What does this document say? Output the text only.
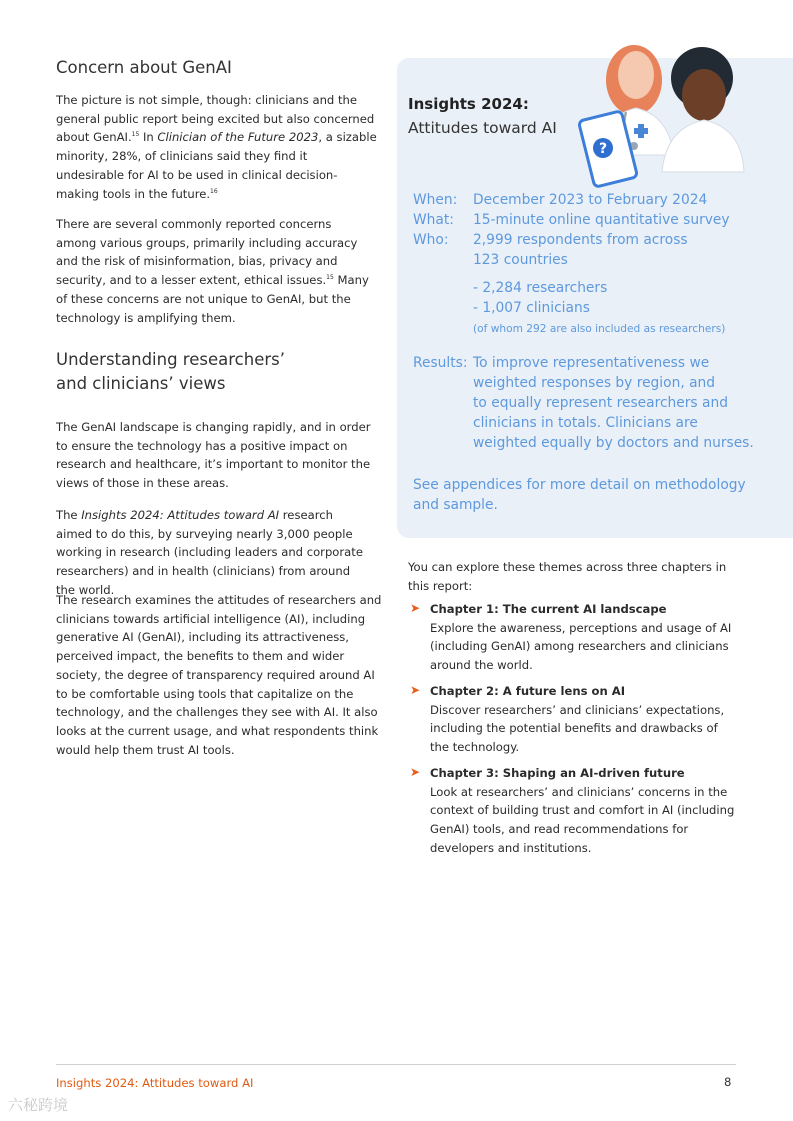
Concern about GenAI

The picture is not simple, though: clinicians and the general public report being excited but also concerned about GenAI.$^{15}$ In Clinician of the Future 2023, a sizable minority, 28%, of clinicians said they find it undesirable for AI to be used in clinical decision-making tools in the future.$^{16}$

There are several commonly reported concerns among various groups, primarily including accuracy and the risk of misinformation, bias, privacy and security, and to a lesser extent, ethical issues.$^{15}$ Many of these concerns are not unique to GenAI, but the technology is amplifying them.

Understanding researchers’
and clinicians’ views

The GenAI landscape is changing rapidly, and in order to ensure the technology has a positive impact on research and healthcare, it’s important to monitor the views of those in these areas.

The Insights 2024: Attitudes toward AI research aimed to do this, by surveying nearly 3,000 people working in research (including leaders and corporate researchers) and in health (clinicians) from around the world.

The research examines the attitudes of researchers and clinicians towards artificial intelligence (AI), including generative AI (GenAI), including its attractiveness, perceived impact, the benefits to them and wider society, the degree of transparency required around AI to be comfortable using tools that capitalize on the technology, and the challenges they see with AI. It also looks at the current usage, and what respondents think would help them trust AI tools.

?
Insights 2024:
Attitudes toward AI
When: December 2023 to February 2024
What: 15-minute online quantitative survey
Who: 2,999 respondents from across
123 countries
- 2,284 researchers
- 1,007 clinicians
(of whom 292 are also included as researchers)
Results: To improve representativeness we
weighted responses by region, and
to equally represent researchers and
clinicians in totals. Clinicians are
weighted equally by doctors and nurses.
See appendices for more detail on methodology
and sample.

You can explore these themes across three chapters in this report:

➤ Chapter 1: The current AI landscape
Explore the awareness, perceptions and usage of AI (including GenAI) among researchers and clinicians around the world.
➤ Chapter 2: A future lens on AI
Discover researchers’ and clinicians’ expectations, including the potential benefits and drawbacks of the technology.
➤ Chapter 3: Shaping an AI-driven future
Look at researchers’ and clinicians’ concerns in the context of building trust and comfort in AI (including GenAI) tools, and read recommendations for developers and institutions.
Insights 2024: Attitudes toward AI	8
六秘跨境
